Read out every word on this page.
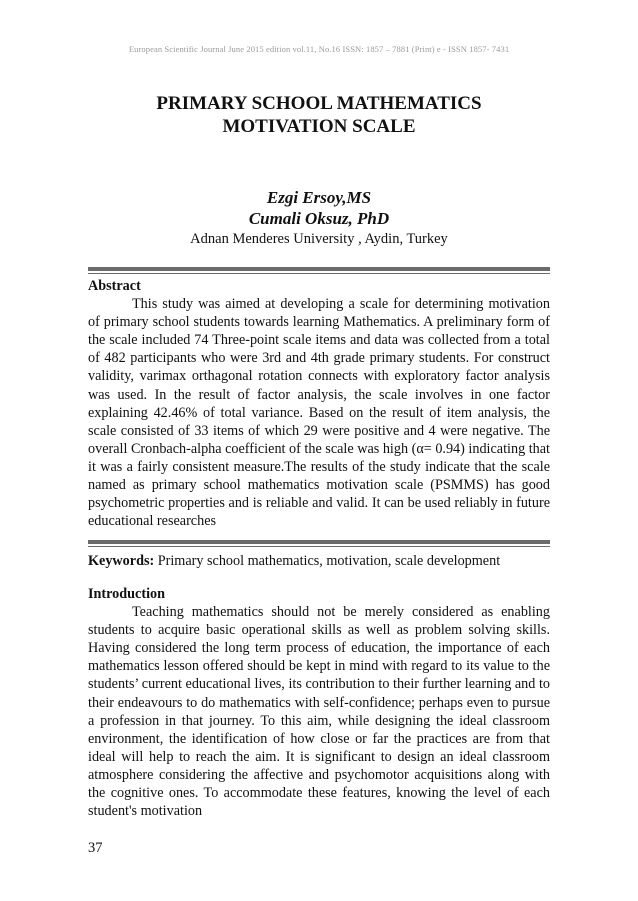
European Scientific Journal June 2015 edition vol.11, No.16 ISSN: 1857 – 7881 (Print) e - ISSN 1857- 7431
PRIMARY SCHOOL MATHEMATICS
MOTIVATION SCALE
Ezgi Ersoy,MS
Cumali Oksuz, PhD
Adnan Menderes University , Aydin, Turkey
Abstract

This study was aimed at developing a scale for determining motivation of primary school students towards learning Mathematics. A preliminary form of the scale included 74 Three-point scale items and data was collected from a total of 482 participants who were 3rd and 4th grade primary students. For construct validity, varimax orthagonal rotation connects with exploratory factor analysis was used. In the result of factor analysis, the scale involves in one factor explaining 42.46% of total variance. Based on the result of item analysis, the scale consisted of 33 items of which 29 were positive and 4 were negative. The overall Cronbach-alpha coefficient of the scale was high (α= 0.94) indicating that it was a fairly consistent measure.The results of the study indicate that the scale named as primary school mathematics motivation scale (PSMMS) has good psychometric properties and is reliable and valid. It can be used reliably in future educational researches

Keywords: Primary school mathematics, motivation, scale development
Introduction

Teaching mathematics should not be merely considered as enabling students to acquire basic operational skills as well as problem solving skills. Having considered the long term process of education, the importance of each mathematics lesson offered should be kept in mind with regard to its value to the students’ current educational lives, its contribution to their further learning and to their endeavours to do mathematics with self-confidence; perhaps even to pursue a profession in that journey. To this aim, while designing the ideal classroom environment, the identification of how close or far the practices are from that ideal will help to reach the aim. It is significant to design an ideal classroom atmosphere considering the affective and psychomotor acquisitions along with the cognitive ones. To accommodate these features, knowing the level of each student's motivation

37
